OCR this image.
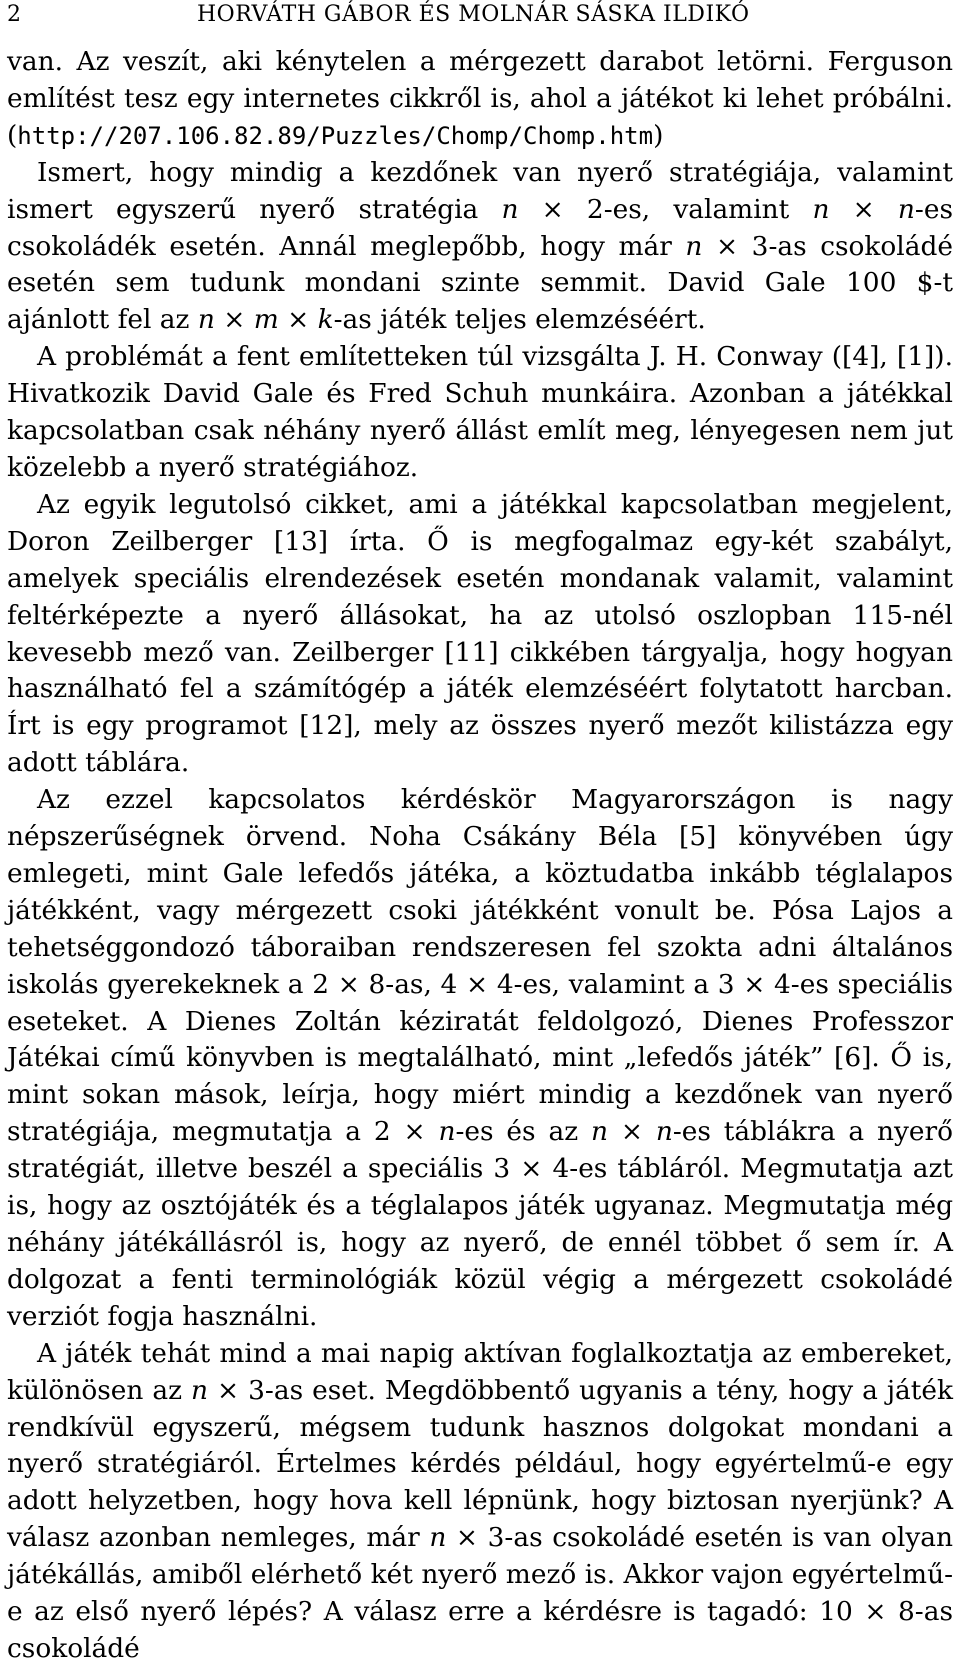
2	HORVÁTH GÁBOR ÉS MOLNÁR SÁSKA ILDIKÓ

van. Az veszít, aki kénytelen a mérgezett darabot letörni. Ferguson említést tesz egy internetes cikkről is, ahol a játékot ki lehet próbálni. (http://207.106.82.89/Puzzles/Chomp/Chomp.htm)

Ismert, hogy mindig a kezdőnek van nyerő stratégiája, valamint ismert egyszerű nyerő stratégia n × 2-es, valamint n × n-es csokoládék esetén. Annál meglepőbb, hogy már n × 3-as csokoládé esetén sem tudunk mondani szinte semmit. David Gale 100 $-t ajánlott fel az n × m × k-as játék teljes elemzéséért.

A problémát a fent említetteken túl vizsgálta J. H. Conway ([4], [1]). Hivatkozik David Gale és Fred Schuh munkáira. Azonban a játékkal kapcsolatban csak néhány nyerő állást említ meg, lényegesen nem jut közelebb a nyerő stratégiához.

Az egyik legutolsó cikket, ami a játékkal kapcsolatban megjelent, Doron Zeilberger [13] írta. Ő is megfogalmaz egy-két szabályt, amelyek speciális elrendezések esetén mondanak valamit, valamint feltérképezte a nyerő állásokat, ha az utolsó oszlopban 115-nél kevesebb mező van. Zeilberger [11] cikkében tárgyalja, hogy hogyan használható fel a számítógép a játék elemzéséért folytatott harcban. Írt is egy programot [12], mely az összes nyerő mezőt kilistázza egy adott táblára.

Az ezzel kapcsolatos kérdéskör Magyarországon is nagy népszerűségnek örvend. Noha Csákány Béla [5] könyvében úgy emlegeti, mint Gale lefedős játéka, a köztudatba inkább téglalapos játékként, vagy mérgezett csoki játékként vonult be. Pósa Lajos a tehetséggondozó táboraiban rendszeresen fel szokta adni általános iskolás gyerekeknek a 2 × 8-as, 4 × 4-es, valamint a 3 × 4-es speciális eseteket. A Dienes Zoltán kéziratát feldolgozó, Dienes Professzor Játékai című könyvben is megtalálható, mint „lefedős játék” [6]. Ő is, mint sokan mások, leírja, hogy miért mindig a kezdőnek van nyerő stratégiája, megmutatja a 2 × n-es és az n × n-es táblákra a nyerő stratégiát, illetve beszél a speciális 3 × 4-es tábláról. Megmutatja azt is, hogy az osztójáték és a téglalapos játék ugyanaz. Megmutatja még néhány játékállásról is, hogy az nyerő, de ennél többet ő sem ír. A dolgozat a fenti terminológiák közül végig a mérgezett csokoládé verziót fogja használni.

A játék tehát mind a mai napig aktívan foglalkoztatja az embereket, különösen az n × 3-as eset. Megdöbbentő ugyanis a tény, hogy a játék rendkívül egyszerű, mégsem tudunk hasznos dolgokat mondani a nyerő stratégiáról. Értelmes kérdés például, hogy egyértelmű-e egy adott helyzetben, hogy hova kell lépnünk, hogy biztosan nyerjünk? A válasz azonban nemleges, már n × 3-as csokoládé esetén is van olyan játékállás, amiből elérhető két nyerő mező is. Akkor vajon egyértelmű-e az első nyerő lépés? A válasz erre a kérdésre is tagadó: 10 × 8-as csokoládé
